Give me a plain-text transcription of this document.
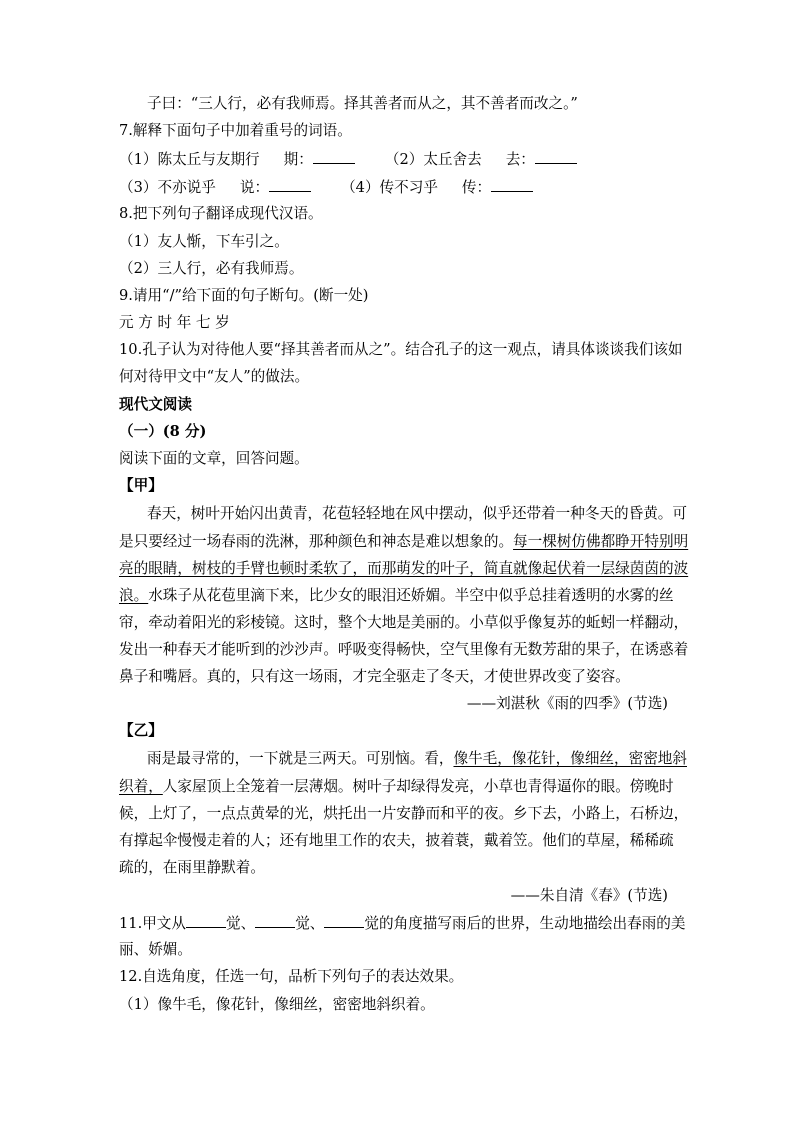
子曰：“三人行，必有我师焉。择其善者而从之，其不善者而改之。”
7.解释下面句子中加着重号的词语。
（1）陈太丘与友期行 期：	（2）太丘舍去 去：
（3）不亦说乎 说：	（4）传不习乎 传：
8.把下列句子翻译成现代汉语。
（1）友人惭，下车引之。
（2）三人行，必有我师焉。
9.请用“/”给下面的句子断句。(断一处)
元 方 时 年 七 岁
10.孔子认为对待他人要“择其善者而从之”。结合孔子的这一观点，请具体谈谈我们该如
何对待甲文中“友人”的做法。
现代文阅读
（一）(8 分)
阅读下面的文章，回答问题。
【甲】
春天，树叶开始闪出黄青，花苞轻轻地在风中摆动，似乎还带着一种冬天的昏黄。可
是只要经过一场春雨的洗淋，那种颜色和神态是难以想象的。每一棵树仿佛都睁开特别明
亮的眼睛，树枝的手臂也顿时柔软了，而那萌发的叶子，简直就像起伏着一层绿茵茵的波
浪。水珠子从花苞里滴下来，比少女的眼泪还娇媚。半空中似乎总挂着透明的水雾的丝
帘，牵动着阳光的彩棱镜。这时，整个大地是美丽的。小草似乎像复苏的蚯蚓一样翻动，
发出一种春天才能听到的沙沙声。呼吸变得畅快，空气里像有无数芳甜的果子，在诱惑着
鼻子和嘴唇。真的，只有这一场雨，才完全驱走了冬天，才使世界改变了姿容。
——刘湛秋《雨的四季》(节选)
【乙】
雨是最寻常的，一下就是三两天。可别恼。看，像牛毛，像花针，像细丝，密密地斜
织着，人家屋顶上全笼着一层薄烟。树叶子却绿得发亮，小草也青得逼你的眼。傍晚时
候，上灯了，一点点黄晕的光，烘托出一片安静而和平的夜。乡下去，小路上，石桥边，
有撑起伞慢慢走着的人；还有地里工作的农夫，披着蓑，戴着笠。他们的草屋，稀稀疏
疏的，在雨里静默着。
——朱自清《春》(节选)
11.甲文从	觉、	觉、	觉的角度描写雨后的世界，生动地描绘出春雨的美
丽、娇媚。
12.自选角度，任选一句，品析下列句子的表达效果。
（1）像牛毛，像花针，像细丝，密密地斜织着。
